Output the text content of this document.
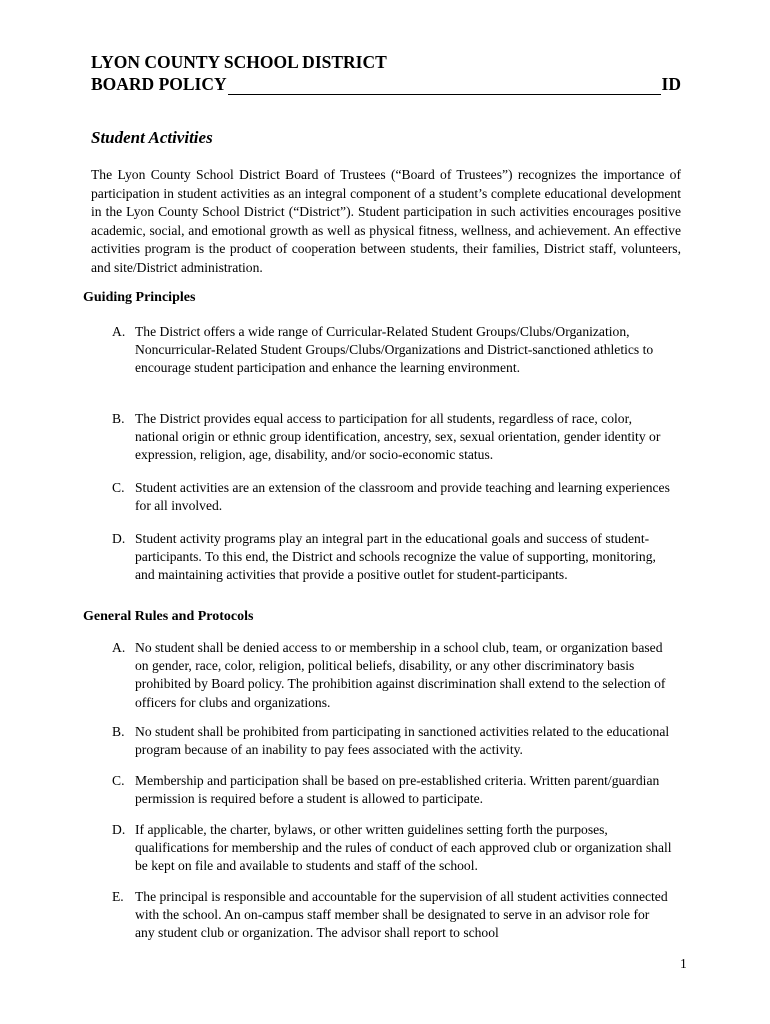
LYON COUNTY SCHOOL DISTRICT
BOARD POLICY	ID
Student Activities

The Lyon County School District Board of Trustees (“Board of Trustees”) recognizes the importance of participation in student activities as an integral component of a student’s complete educational development in the Lyon County School District (“District”). Student participation in such activities encourages positive academic, social, and emotional growth as well as physical fitness, wellness, and achievement. An effective activities program is the product of cooperation between students, their families, District staff, volunteers, and site/District administration.

Guiding Principles
A. The District offers a wide range of Curricular-Related Student Groups/Clubs/Organization, Noncurricular-Related Student Groups/Clubs/Organizations and District-sanctioned athletics to encourage student participation and enhance the learning environment.
B. The District provides equal access to participation for all students, regardless of race, color, national origin or ethnic group identification, ancestry, sex, sexual orientation, gender identity or expression, religion, age, disability, and/or socio-economic status.
C. Student activities are an extension of the classroom and provide teaching and learning experiences for all involved.
D. Student activity programs play an integral part in the educational goals and success of student-participants. To this end, the District and schools recognize the value of supporting, monitoring, and maintaining activities that provide a positive outlet for student-participants.
General Rules and Protocols
A. No student shall be denied access to or membership in a school club, team, or organization based on gender, race, color, religion, political beliefs, disability, or any other discriminatory basis prohibited by Board policy. The prohibition against discrimination shall extend to the selection of officers for clubs and organizations.
B. No student shall be prohibited from participating in sanctioned activities related to the educational program because of an inability to pay fees associated with the activity.
C. Membership and participation shall be based on pre-established criteria. Written parent/guardian permission is required before a student is allowed to participate.
D. If applicable, the charter, bylaws, or other written guidelines setting forth the purposes, qualifications for membership and the rules of conduct of each approved club or organization shall be kept on file and available to students and staff of the school.
E. The principal is responsible and accountable for the supervision of all student activities connected with the school. An on-campus staff member shall be designated to serve in an advisor role for any student club or organization. The advisor shall report to school
1
